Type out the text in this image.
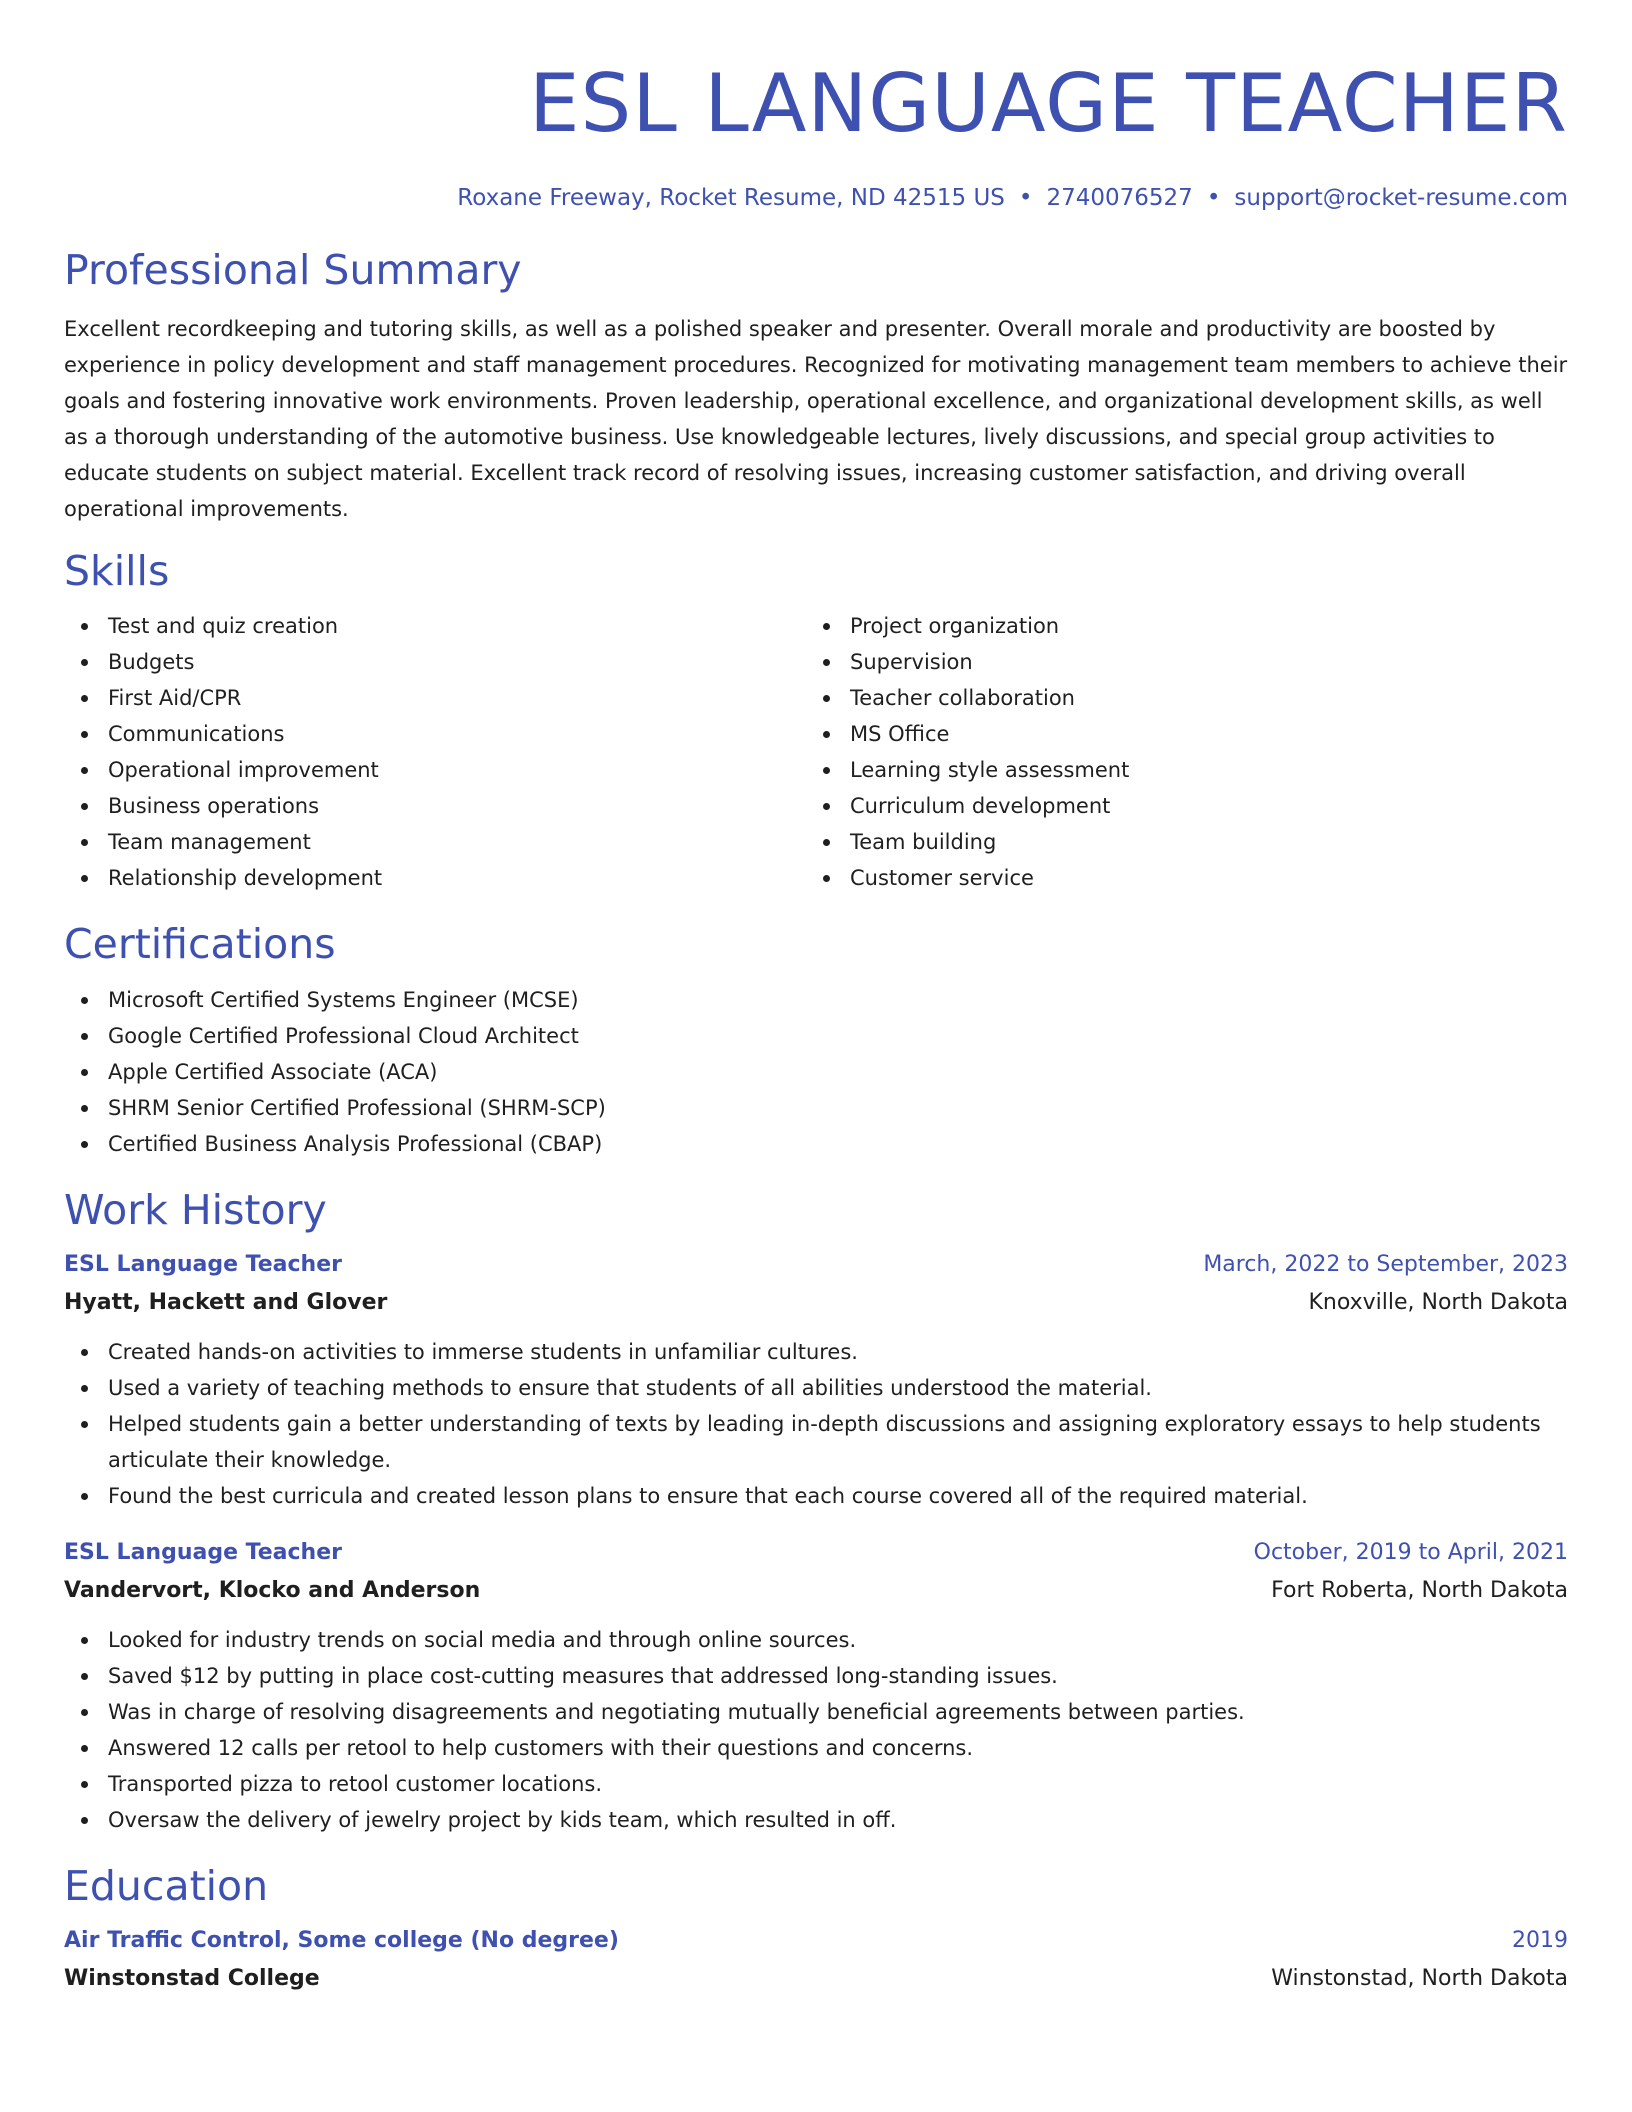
ESL LANGUAGE TEACHER
Roxane Freeway, Rocket Resume, ND 42515 US • 2740076527 • support@rocket-resume.com
Professional Summary

Excellent recordkeeping and tutoring skills, as well as a polished speaker and presenter. Overall morale and productivity are boosted by experience in policy development and staff management procedures. Recognized for motivating management team members to achieve their goals and fostering innovative work environments. Proven leadership, operational excellence, and organizational development skills, as well as a thorough understanding of the automotive business. Use knowledgeable lectures, lively discussions, and special group activities to educate students on subject material. Excellent track record of resolving issues, increasing customer satisfaction, and driving overall operational improvements.

Skills
Test and quiz creation
Budgets
First Aid/CPR
Communications
Operational improvement
Business operations
Team management
Relationship development
Project organization
Supervision
Teacher collaboration
MS Office
Learning style assessment
Curriculum development
Team building
Customer service
Certifications
Microsoft Certified Systems Engineer (MCSE)
Google Certified Professional Cloud Architect
Apple Certified Associate (ACA)
SHRM Senior Certified Professional (SHRM-SCP)
Certified Business Analysis Professional (CBAP)
Work History
ESL Language Teacher	March, 2022 to September, 2023
Hyatt, Hackett and Glover	Knoxville, North Dakota
Created hands-on activities to immerse students in unfamiliar cultures.
Used a variety of teaching methods to ensure that students of all abilities understood the material.
Helped students gain a better understanding of texts by leading in-depth discussions and assigning exploratory essays to help students articulate their knowledge.
Found the best curricula and created lesson plans to ensure that each course covered all of the required material.
ESL Language Teacher	October, 2019 to April, 2021
Vandervort, Klocko and Anderson	Fort Roberta, North Dakota
Looked for industry trends on social media and through online sources.
Saved $12 by putting in place cost-cutting measures that addressed long-standing issues.
Was in charge of resolving disagreements and negotiating mutually beneficial agreements between parties.
Answered 12 calls per retool to help customers with their questions and concerns.
Transported pizza to retool customer locations.
Oversaw the delivery of jewelry project by kids team, which resulted in off.
Education
Air Traffic Control, Some college (No degree)	2019
Winstonstad College	Winstonstad, North Dakota
